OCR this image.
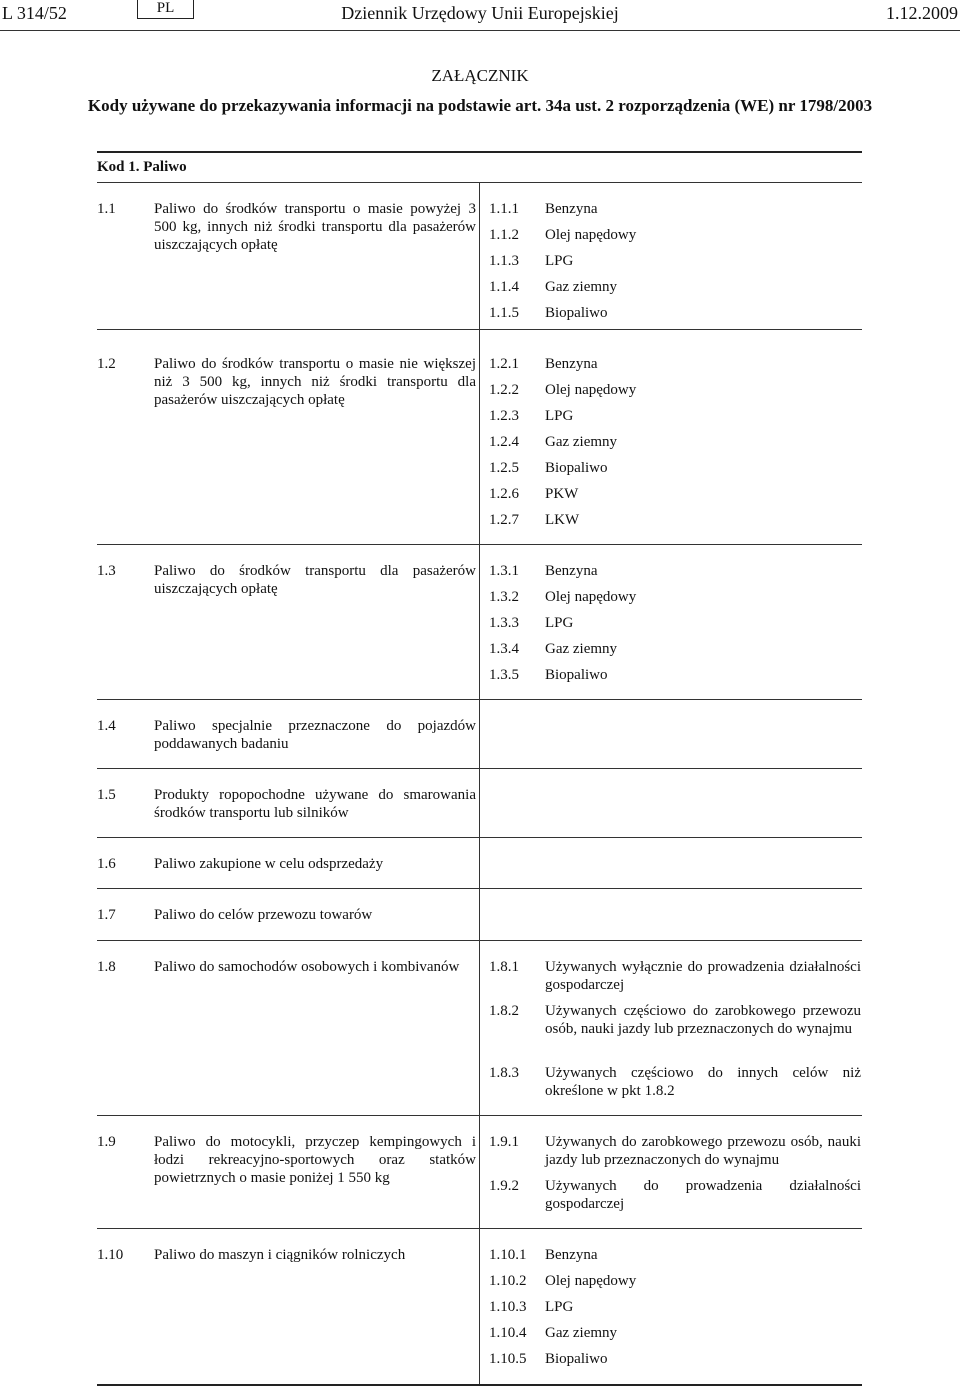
L 314/52	Dziennik Urzędowy Unii Europejskiej
PL	1.12.2009
ZAŁĄCZNIK
Kody używane do przekazywania informacji na podstawie art. 34a ust. 2 rozporządzenia (WE) nr 1798/2003
Kod 1. Paliwo
1.1	Paliwo do środków transportu o masie powyżej 3 500 kg, innych niż środki transportu dla pasażerów uiszczających opłatę
1.1.1 Benzyna
1.1.2 Olej napędowy
1.1.3 LPG
1.1.4 Gaz ziemny
1.1.5 Biopaliwo
1.2	Paliwo do środków transportu o masie nie większej niż 3 500 kg, innych niż środki transportu dla pasażerów uiszczających opłatę
1.2.1 Benzyna
1.2.2 Olej napędowy
1.2.3 LPG
1.2.4 Gaz ziemny
1.2.5 Biopaliwo
1.2.6 PKW
1.2.7 LKW
1.3	Paliwo do środków transportu dla pasażerów uiszczających opłatę
1.3.1 Benzyna
1.3.2 Olej napędowy
1.3.3 LPG
1.3.4 Gaz ziemny
1.3.5 Biopaliwo
1.4	Paliwo specjalnie przeznaczone do pojazdów poddawanych badaniu
1.5	Produkty ropopochodne używane do smarowania środków transportu lub silników
1.6	Paliwo zakupione w celu odsprzedaży
1.7	Paliwo do celów przewozu towarów
1.8	Paliwo do samochodów osobowych i kombivanów	1.8.1 Używanych wyłącznie do prowadzenia działalności gospodarczej
1.8.2 Używanych częściowo do zarobkowego przewozu osób, nauki jazdy lub przeznaczonych do wynajmu
1.8.3 Używanych częściowo do innych celów niż określone w pkt 1.8.2
1.9	Paliwo do motocykli, przyczep kempingowych i łodzi rekreacyjno-sportowych oraz statków powietrznych o masie poniżej 1 550 kg
1.9.1 Używanych do zarobkowego przewozu osób, nauki jazdy lub przeznaczonych do wynajmu
1.9.2 Używanych do prowadzenia działalności gospodarczej
1.10 Paliwo do maszyn i ciągników rolniczych	1.10.1 Benzyna
1.10.2 Olej napędowy
1.10.3 LPG
1.10.4 Gaz ziemny
1.10.5 Biopaliwo
